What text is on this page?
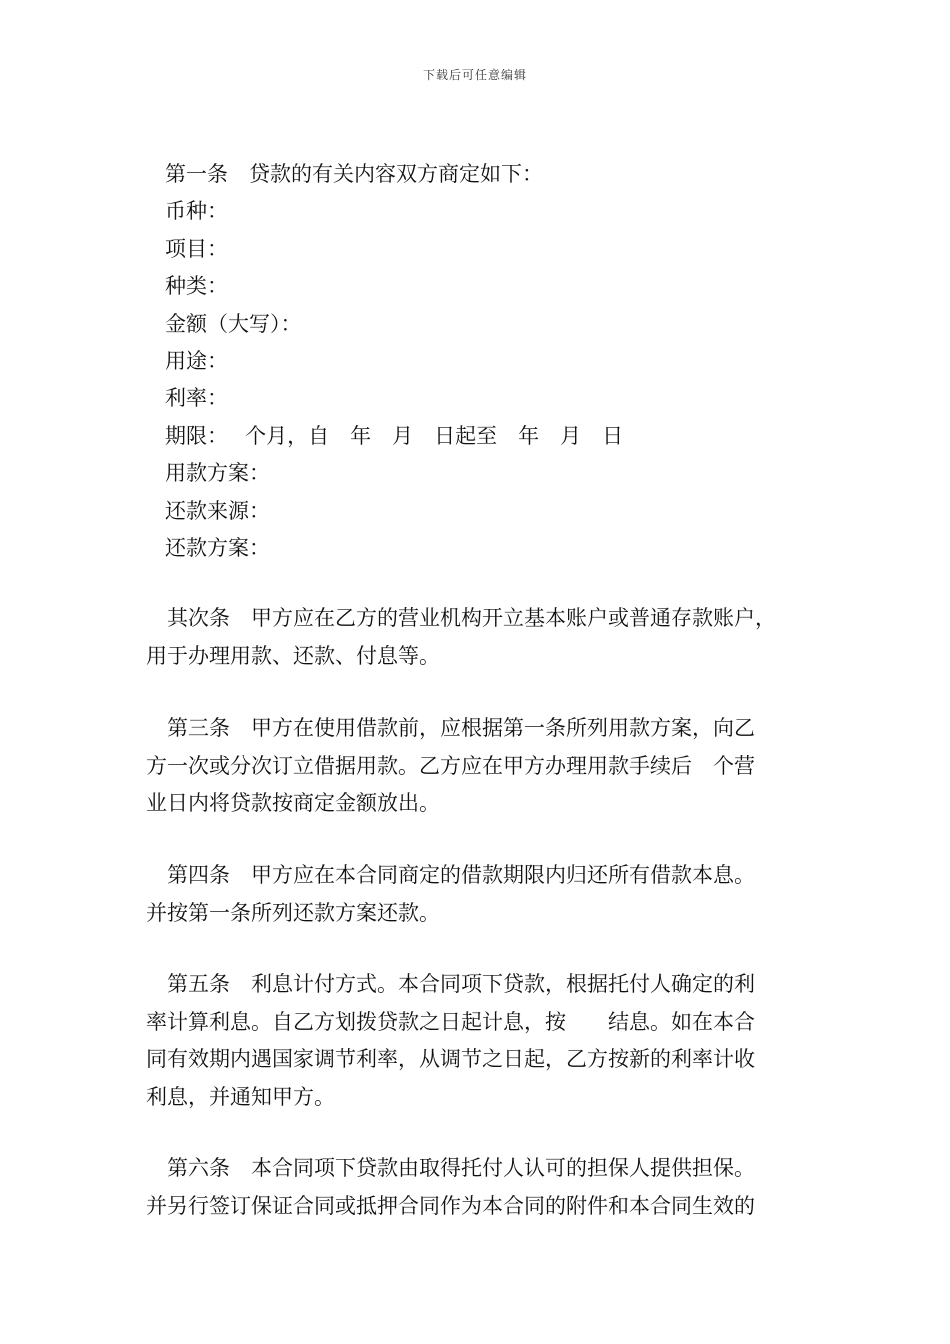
下载后可任意编辑
第一条　贷款的有关内容双方商定如下：
币种：
项目：
种类：
金额（大写）：
用途：
利率：
期限：　 个月，自　年　月　日起至　年　月　日
用款方案：
还款来源：
还款方案：
　其次条　甲方应在乙方的营业机构开立基本账户或普通存款账户，
用于办理用款、还款、付息等。
　第三条　甲方在使用借款前，应根据第一条所列用款方案，向乙
方一次或分次订立借据用款。乙方应在甲方办理用款手续后　个营
业日内将贷款按商定金额放出。
　第四条　甲方应在本合同商定的借款期限内归还所有借款本息。
并按第一条所列还款方案还款。
　第五条　利息计付方式。本合同项下贷款，根据托付人确定的利
率计算利息。自乙方划拨贷款之日起计息，按　　结息。如在本合
同有效期内遇国家调节利率，从调节之日起，乙方按新的利率计收
利息，并通知甲方。
　第六条　本合同项下贷款由取得托付人认可的担保人提供担保。
并另行签订保证合同或抵押合同作为本合同的附件和本合同生效的
